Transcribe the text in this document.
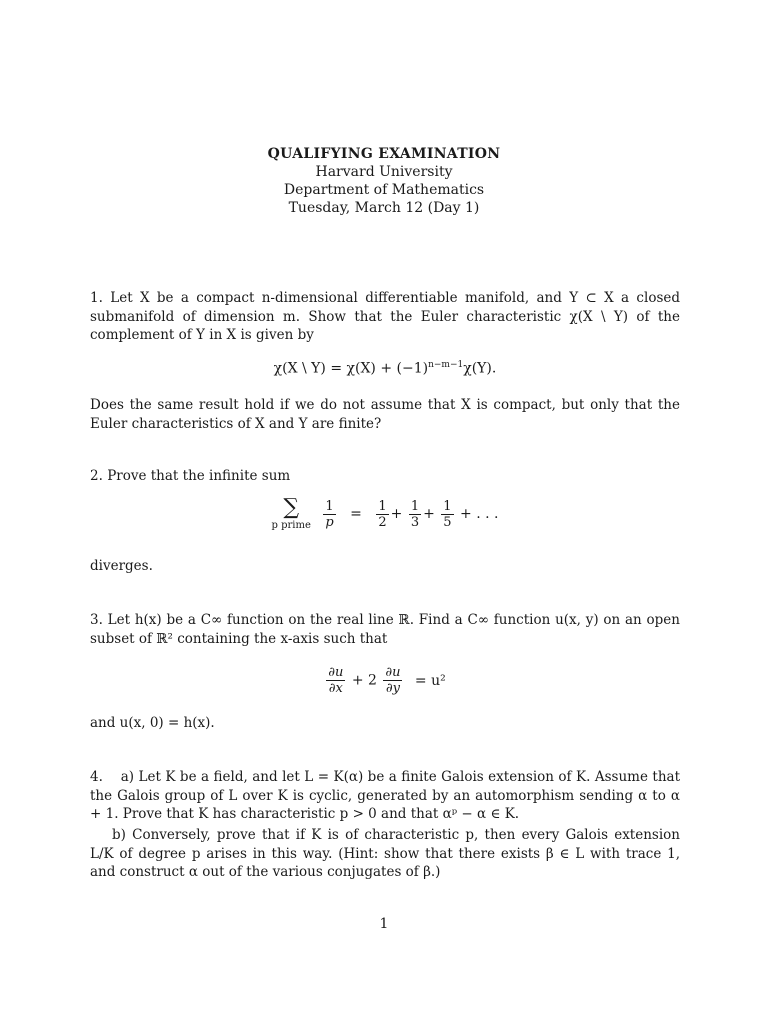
QUALIFYING EXAMINATION
Harvard University
Department of Mathematics
Tuesday, March 12 (Day 1)
1. Let X be a compact n-dimensional differentiable manifold, and Y ⊂ X a closed submanifold of dimension m. Show that the Euler characteristic χ(X \ Y) of the complement of Y in X is given by
χ(X \ $Y) = \chi(X) + (-1)^{n-m-1}\chi(Y)$.
Does the same result hold if we do not assume that X is compact, but only that the Euler characteristics of X and Y are finite?
2. Prove that the infinite sum
∑
p prime
$\frac{1}{p} = \frac{1}{2} + \frac{1}{3} + \frac{1}{5}$ + . . .
diverges.
3. Let h(x) be a C∞ function on the real line ℝ. Find a C∞ function u(x, y) on an open subset of ℝ² containing the x-axis such that
$\frac{\partial u}{\partial x} + 2 \frac{\partial u}{\partial y} = u^2$
and u(x, 0) = h(x).
4. a) Let K be a field, and let L = K(α) be a finite Galois extension of K. Assume that the Galois group of L over K is cyclic, generated by an automorphism sending α to α + 1. Prove that K has characteristic p > 0 and that αᵖ − α ∈ K.
b) Conversely, prove that if K is of characteristic p, then every Galois extension L/K of degree p arises in this way. (Hint: show that there exists β ∈ L with trace 1, and construct α out of the various conjugates of β.)
1
